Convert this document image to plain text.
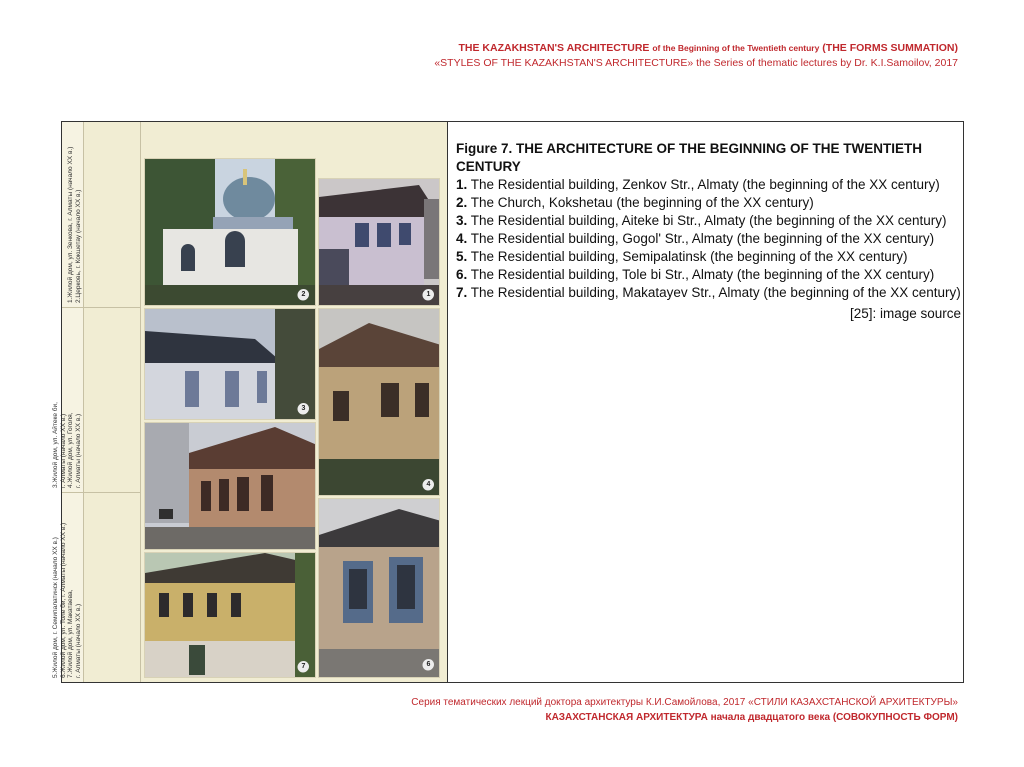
THE KAZAKHSTAN'S ARCHITECTURE of the Beginning of the Twentieth century (THE FORMS SUMMATION)
«STYLES OF THE KAZAKHSTAN'S ARCHITECTURE» the Series of thematic lectures by Dr. K.I.Samoilov, 2017
1.Жилой дом, ул. Зенкова, г. Алматы (начало XX в.)
2.Церковь, г. Кокшетау (начало XX в.)
3.Жилой дом, ул. Айтеке би,
г. Алматы (начало XX в.)
4.Жилой дом, ул. Гоголя,
г. Алматы (начало XX в.)
5.Жилой дом, г. Семипалатинск (начало XX в.)
6.Жилой дом, ул. Толе би, г. Алматы (начало XX в.)
7.Жилой дом, ул. Макатаева,
г. Алматы (начало XX в.)
2	1
3
4
6
7
Figure 7. THE ARCHITECTURE OF THE BEGINNING OF THE TWENTIETH CENTURY
1. The Residential building, Zenkov Str., Almaty (the beginning of the XX century)
2. The Church, Kokshetau (the beginning of the XX century)
3. The Residential building, Aiteke bi Str., Almaty (the beginning of the XX century)
4. The Residential building, Gogol' Str., Almaty (the beginning of the XX century)
5. The Residential building, Semipalatinsk (the beginning of the XX century)
6. The Residential building, Tole bi Str., Almaty (the beginning of the XX century)
7. The Residential building, Makatayev Str., Almaty (the beginning of the XX century)
[25]: image source
Серия тематических лекций доктора архитектуры К.И.Самойлова, 2017 «СТИЛИ КАЗАХСТАНСКОЙ АРХИТЕКТУРЫ»
КАЗАХСТАНСКАЯ АРХИТЕКТУРА начала двадцатого века (СОВОКУПНОСТЬ ФОРМ)
